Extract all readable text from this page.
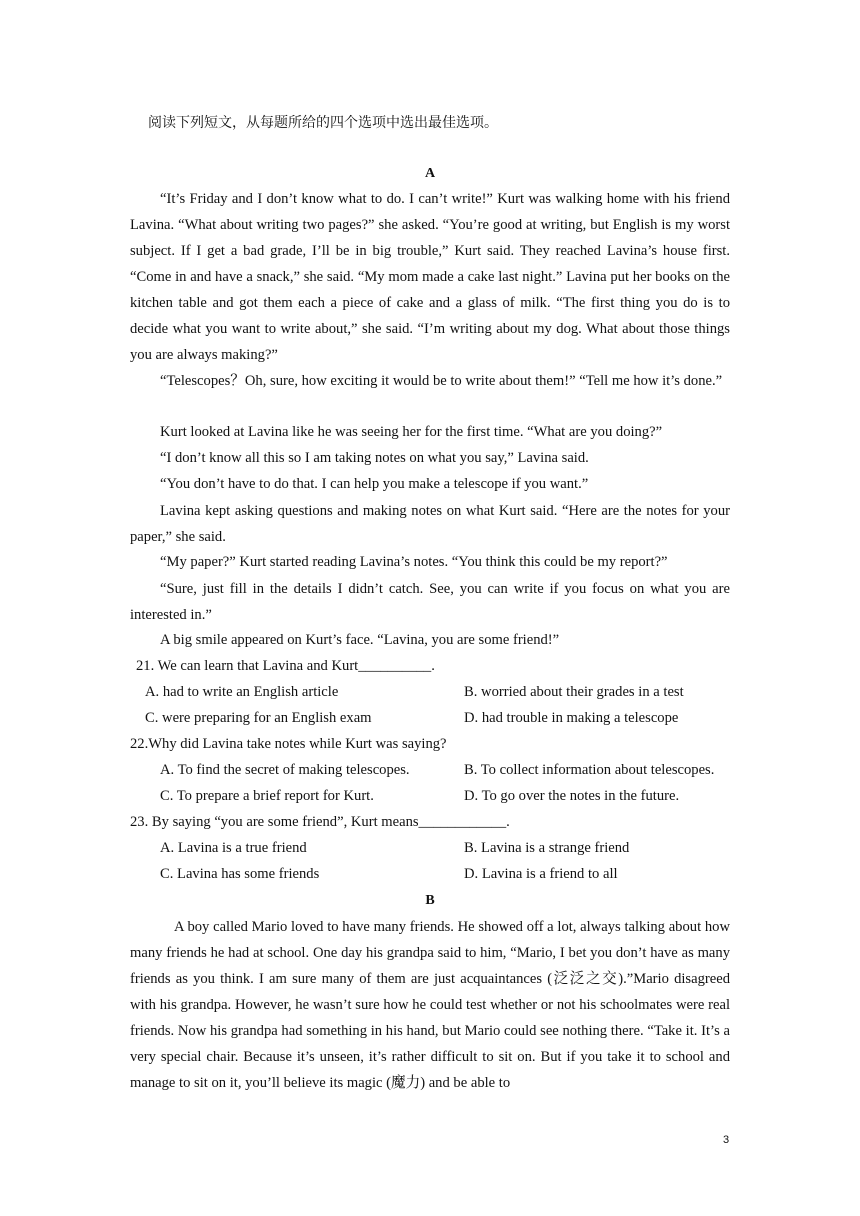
阅读下列短文，从每题所给的四个选项中选出最佳选项。
A

“It’s Friday and I don’t know what to do. I can’t write!” Kurt was walking home with his friend Lavina. “What about writing two pages?” she asked. “You’re good at writing, but English is my worst subject. If I get a bad grade, I’ll be in big trouble,” Kurt said. They reached Lavina’s house first. “Come in and have a snack,” she said. “My mom made a cake last night.” Lavina put her books on the kitchen table and got them each a piece of cake and a glass of milk. “The first thing you do is to decide what you want to write about,” she said. “I’m writing about my dog. What about those things you are always making?”

“Telescopes？Oh, sure, how exciting it would be to write about them!” “Tell me how it’s done.”

Kurt looked at Lavina like he was seeing her for the first time. “What are you doing?”
“I don’t know all this so I am taking notes on what you say,” Lavina said.
“You don’t have to do that. I can help you make a telescope if you want.”

Lavina kept asking questions and making notes on what Kurt said. “Here are the notes for your paper,” she said.

“My paper?” Kurt started reading Lavina’s notes. “You think this could be my report?”

“Sure, just fill in the details I didn’t catch. See, you can write if you focus on what you are interested in.”

A big smile appeared on Kurt’s face. “Lavina, you are some friend!”
21. We can learn that Lavina and Kurt__________.
A. had to write an English article	B. worried about their grades in a test
C. were preparing for an English exam	D. had trouble in making a telescope
22.Why did Lavina take notes while Kurt was saying?
A. To find the secret of making telescopes.	B. To collect information about telescopes.
C. To prepare a brief report for Kurt.	D. To go over the notes in the future.
23. By saying “you are some friend”, Kurt means____________.
A. Lavina is a true friend	B. Lavina is a strange friend
C. Lavina has some friends	D. Lavina is a friend to all
B

A boy called Mario loved to have many friends. He showed off a lot, always talking about how many friends he had at school. One day his grandpa said to him, “Mario, I bet you don’t have as many friends as you think. I am sure many of them are just acquaintances (泛泛之交).”Mario disagreed with his grandpa. However, he wasn’t sure how he could test whether or not his schoolmates were real friends. Now his grandpa had something in his hand, but Mario could see nothing there. “Take it. It’s a very special chair. Because it’s unseen, it’s rather difficult to sit on. But if you take it to school and manage to sit on it, you’ll believe its magic (魔力) and be able to

3
